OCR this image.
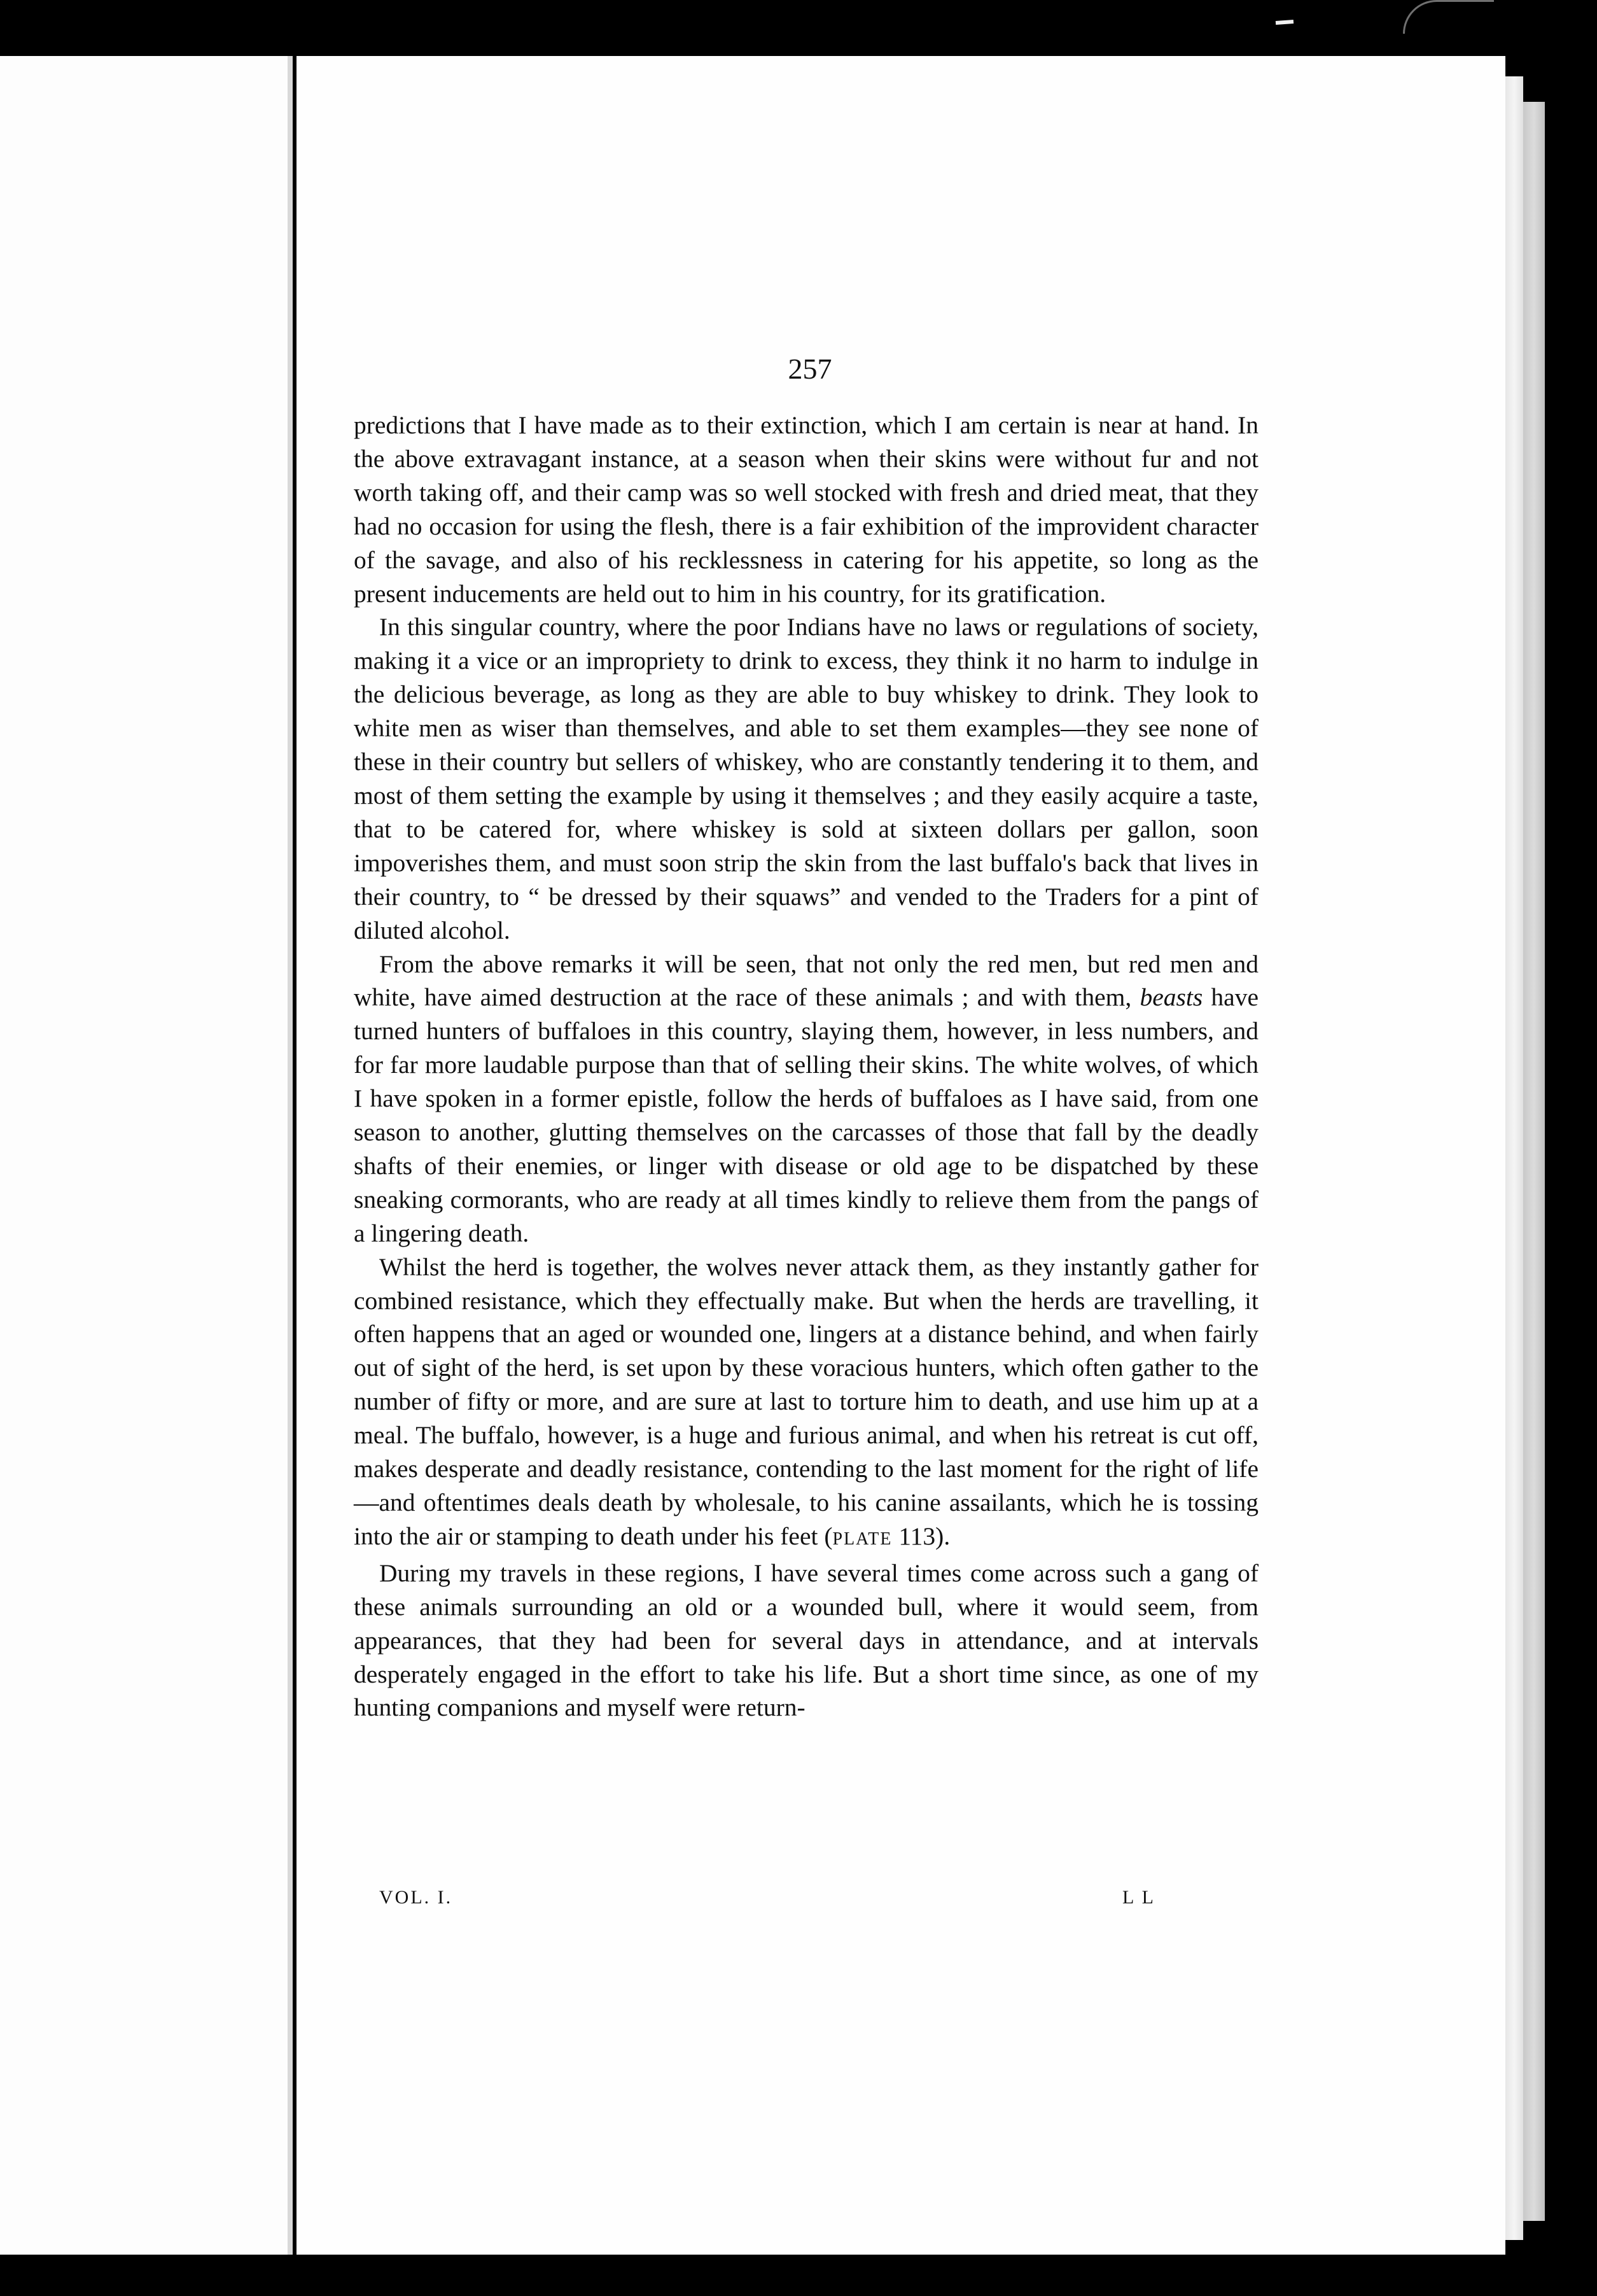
257

predictions that I have made as to their extinction, which I am certain is near at hand. In the above extravagant instance, at a season when their skins were without fur and not worth taking off, and their camp was so well stocked with fresh and dried meat, that they had no occasion for using the flesh, there is a fair exhibition of the improvident character of the savage, and also of his recklessness in catering for his appetite, so long as the present inducements are held out to him in his country, for its gratification.

In this singular country, where the poor Indians have no laws or regulations of society, making it a vice or an impropriety to drink to excess, they think it no harm to indulge in the delicious beverage, as long as they are able to buy whiskey to drink. They look to white men as wiser than themselves, and able to set them examples—they see none of these in their country but sellers of whiskey, who are constantly tendering it to them, and most of them setting the example by using it themselves ; and they easily acquire a taste, that to be catered for, where whiskey is sold at sixteen dollars per gallon, soon impoverishes them, and must soon strip the skin from the last buffalo's back that lives in their country, to “ be dressed by their squaws” and vended to the Traders for a pint of diluted alcohol.

From the above remarks it will be seen, that not only the red men, but red men and white, have aimed destruction at the race of these animals ; and with them, beasts have turned hunters of buffaloes in this country, slaying them, however, in less numbers, and for far more laudable purpose than that of selling their skins. The white wolves, of which I have spoken in a former epistle, follow the herds of buffaloes as I have said, from one season to another, glutting themselves on the carcasses of those that fall by the deadly shafts of their enemies, or linger with disease or old age to be dispatched by these sneaking cormorants, who are ready at all times kindly to relieve them from the pangs of a lingering death.

Whilst the herd is together, the wolves never attack them, as they instantly gather for combined resistance, which they effectually make. But when the herds are travelling, it often happens that an aged or wounded one, lingers at a distance behind, and when fairly out of sight of the herd, is set upon by these voracious hunters, which often gather to the number of fifty or more, and are sure at last to torture him to death, and use him up at a meal. The buffalo, however, is a huge and furious animal, and when his retreat is cut off, makes desperate and deadly resistance, contending to the last moment for the right of life—and oftentimes deals death by wholesale, to his canine assailants, which he is tossing into the air or stamping to death under his feet (PLATE 113).

During my travels in these regions, I have several times come across such a gang of these animals surrounding an old or a wounded bull, where it would seem, from appearances, that they had been for several days in attendance, and at intervals desperately engaged in the effort to take his life. But a short time since, as one of my hunting companions and myself were return-

VOL. I.	L L
